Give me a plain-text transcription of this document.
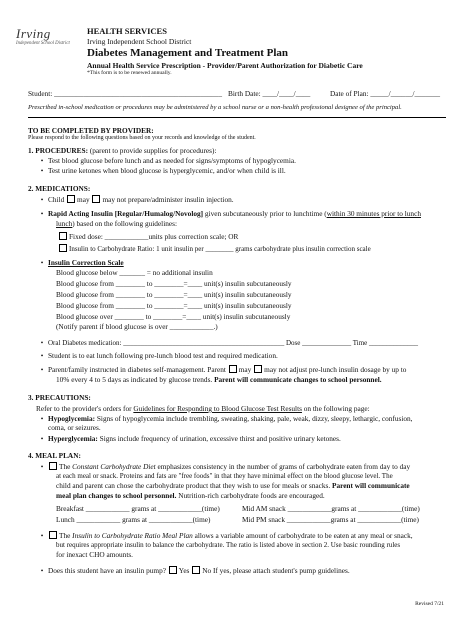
Irving
Independent School District
HEALTH SERVICES
Irving Independent School District
Diabetes Management and Treatment Plan
Annual Health Service Prescription - Provider/Parent Authorization for Diabetic Care
*This form is to be renewed annually.
Student: ______________________________________________ Birth Date: ____/____/____	Date of Plan: _____/______/_______
Prescribed in-school medication or procedures may be administered by a school nurse or a non-health professional designee of the principal.
TO BE COMPLETED BY PROVIDER:
Please respond to the following questions based on your records and knowledge of the student.
1. PROCEDURES: (parent to provide supplies for procedures):
• Test blood glucose before lunch and as needed for signs/symptoms of hypoglycemia.
• Test urine ketones when blood glucose is hyperglycemic, and/or when child is ill.
2. MEDICATIONS:
• Child may may not prepare/administer insulin injection.
• Rapid Acting Insulin [Regular/Humalog/Novolog] given subcutaneously prior to lunchtime (within 30 minutes prior to lunch
lunch) based on the following guidelines:
Fixed dose: ____________units plus correction scale; OR
Insulin to Carbohydrate Ratio: 1 unit insulin per ________ grams carbohydrate plus insulin correction scale
• Insulin Correction Scale
Blood glucose below _______ = no additional insulin
Blood glucose from ________ to ________=____ unit(s) insulin subcutaneously
Blood glucose from ________ to ________=____ unit(s) insulin subcutaneously
Blood glucose from ________ to ________=____ unit(s) insulin subcutaneously
Blood glucose over ________ to ________=____ unit(s) insulin subcutaneously
(Notify parent if blood glucose is over ____________.)
• Oral Diabetes medication: ______________________________________________ Dose ______________ Time ______________
• Student is to eat lunch following pre-lunch blood test and required medication.
• Parent/family instructed in diabetes self-management. Parent may may not adjust pre-lunch insulin dosage by up to
10% every 4 to 5 days as indicated by glucose trends. Parent will communicate changes to school personnel.
3. PRECAUTIONS:
Refer to the provider's orders for Guidelines for Responding to Blood Glucose Test Results on the following page:
• Hypoglycemia: Signs of hypoglycemia include trembling, sweating, shaking, pale, weak, dizzy, sleepy, lethargic, confusion,
coma, or seizures.
• Hyperglycemia: Signs include frequency of urination, excessive thirst and positive urinary ketones.
4. MEAL PLAN:
• The Constant Carbohydrate Diet emphasizes consistency in the number of grams of carbohydrate eaten from day to day
at each meal or snack. Proteins and fats are "free foods" in that they have minimal effect on the blood glucose level. The
child and parent can chose the carbohydrate product that they wish to use for meals or snacks. Parent will communicate
meal plan changes to school personnel. Nutrition-rich carbohydrate foods are encouraged.
Breakfast ____________ grams at ____________(time)	Mid AM snack ____________grams at ____________(time)
Lunch ____________ grams at ____________(time)	Mid PM snack ____________grams at ____________(time)
• The Insulin to Carbohydrate Ratio Meal Plan allows a variable amount of carbohydrate to be eaten at any meal or snack,
but requires appropriate insulin to balance the carbohydrate. The ratio is listed above in section 2. Use basic rounding rules
for inexact CHO amounts.
• Does this student have an insulin pump? Yes No If yes, please attach student's pump guidelines.
Revised 7/21
